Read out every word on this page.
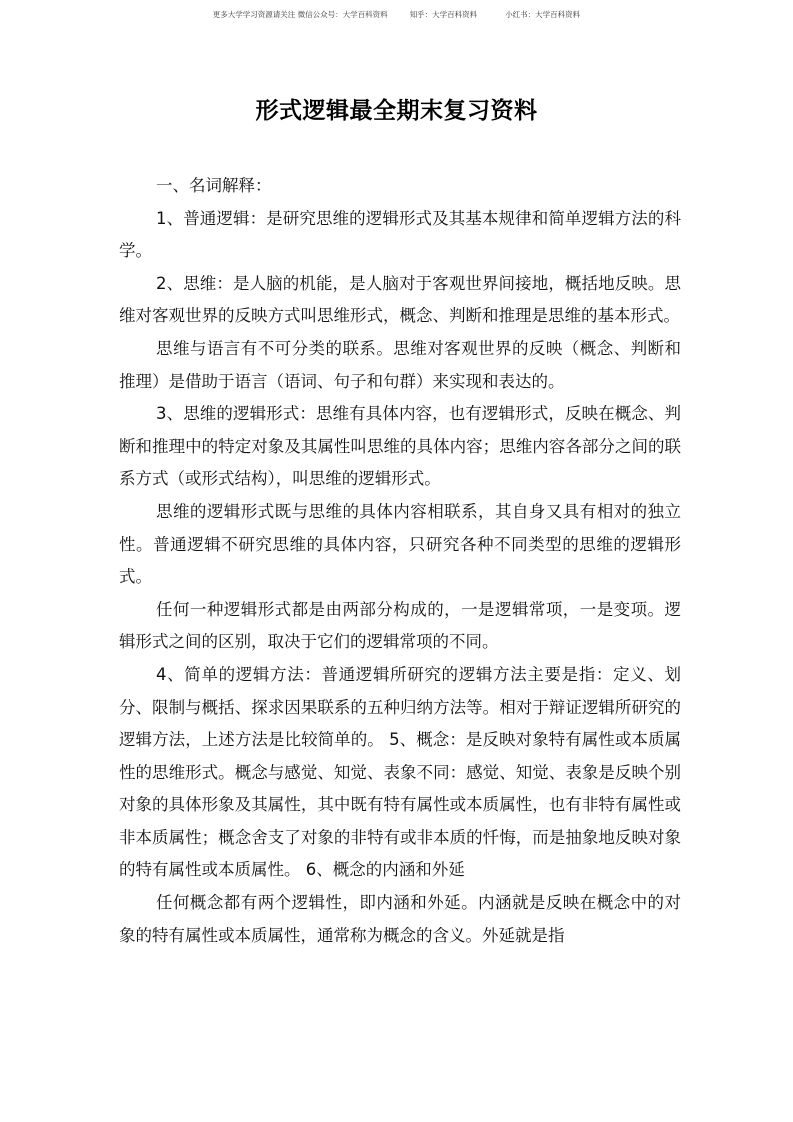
更多大学学习资源请关注 微信公众号：大学百科资料	知乎：大学百科资料	小红书：大学百科资料
形式逻辑最全期末复习资料

一、名词解释：

1、普通逻辑：是研究思维的逻辑形式及其基本规律和简单逻辑方法的科学。

2、思维：是人脑的机能，是人脑对于客观世界间接地，概括地反映。思维对客观世界的反映方式叫思维形式，概念、判断和推理是思维的基本形式。

思维与语言有不可分类的联系。思维对客观世界的反映（概念、判断和推理）是借助于语言（语词、句子和句群）来实现和表达的。

3、思维的逻辑形式：思维有具体内容，也有逻辑形式，反映在概念、判断和推理中的特定对象及其属性叫思维的具体内容；思维内容各部分之间的联系方式（或形式结构），叫思维的逻辑形式。

思维的逻辑形式既与思维的具体内容相联系，其自身又具有相对的独立性。普通逻辑不研究思维的具体内容，只研究各种不同类型的思维的逻辑形式。

任何一种逻辑形式都是由两部分构成的，一是逻辑常项，一是变项。逻辑形式之间的区别，取决于它们的逻辑常项的不同。

4、简单的逻辑方法：普通逻辑所研究的逻辑方法主要是指：定义、划分、限制与概括、探求因果联系的五种归纳方法等。相对于辩证逻辑所研究的逻辑方法，上述方法是比较简单的。 5、概念：是反映对象特有属性或本质属性的思维形式。概念与感觉、知觉、表象不同：感觉、知觉、表象是反映个别对象的具体形象及其属性，其中既有特有属性或本质属性，也有非特有属性或非本质属性；概念舍支了对象的非特有或非本质的忏悔，而是抽象地反映对象的特有属性或本质属性。 6、概念的内涵和外延

任何概念都有两个逻辑性，即内涵和外延。内涵就是反映在概念中的对象的特有属性或本质属性，通常称为概念的含义。外延就是指
